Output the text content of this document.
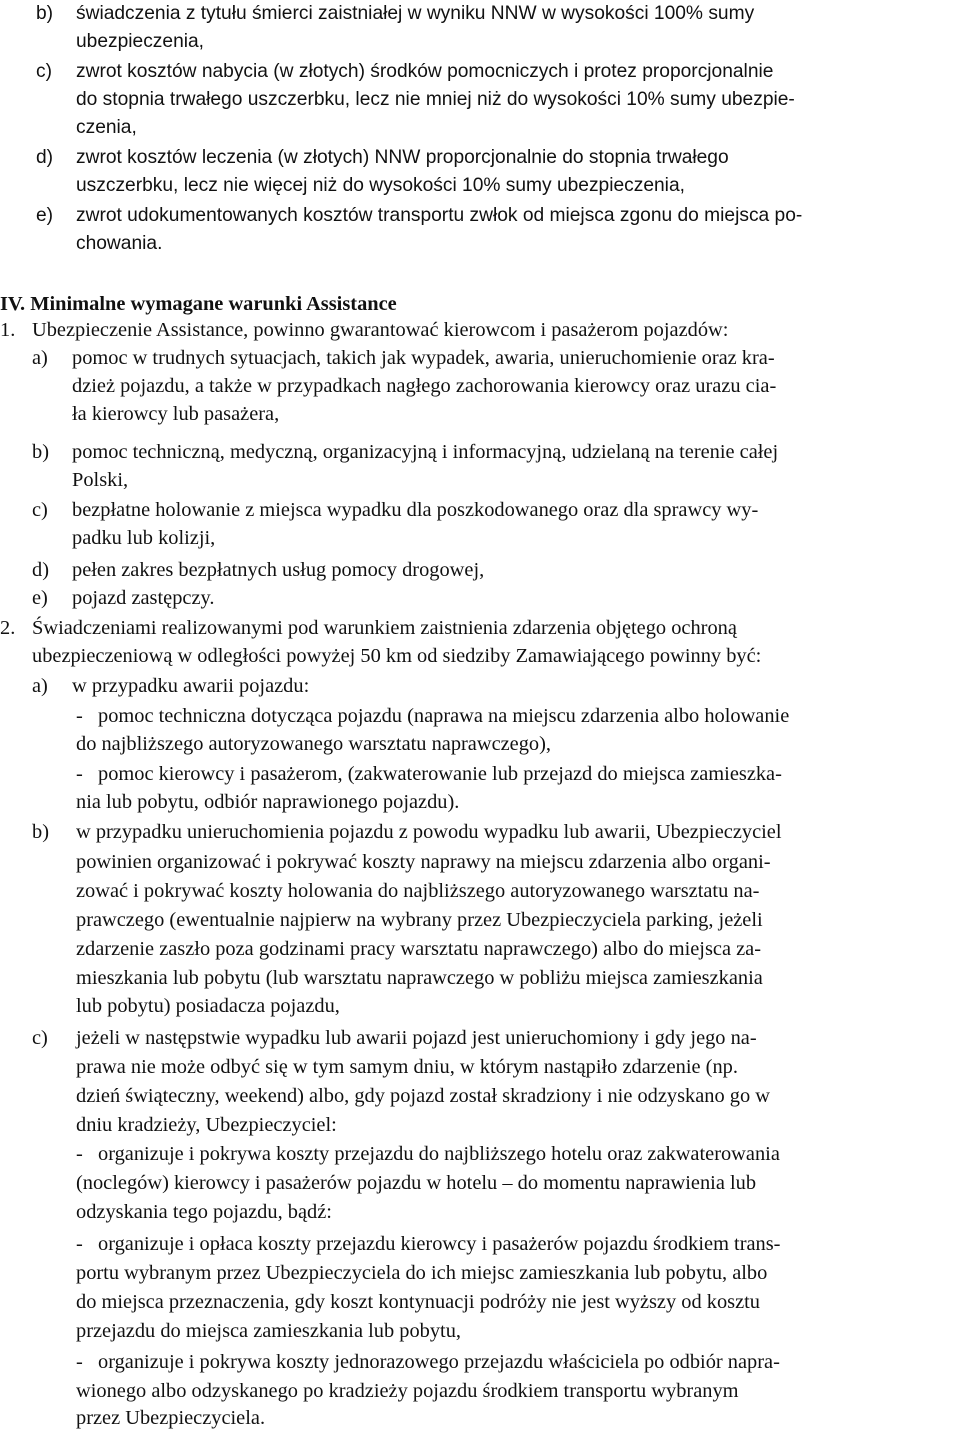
b) świadczenia z tytułu śmierci zaistniałej w wyniku NNW w wysokości 100% sumy
ubezpieczenia,
c) zwrot kosztów nabycia (w złotych) środków pomocniczych i protez proporcjonalnie
do stopnia trwałego uszczerbku, lecz nie mniej niż do wysokości 10% sumy ubezpie-
czenia,
d) zwrot kosztów leczenia (w złotych) NNW proporcjonalnie do stopnia trwałego
uszczerbku, lecz nie więcej niż do wysokości 10% sumy ubezpieczenia,
e) zwrot udokumentowanych kosztów transportu zwłok od miejsca zgonu do miejsca po-
chowania.
IV. Minimalne wymagane warunki Assistance
1. Ubezpieczenie Assistance, powinno gwarantować kierowcom i pasażerom pojazdów:
a) pomoc w trudnych sytuacjach, takich jak wypadek, awaria, unieruchomienie oraz kra-
dzież pojazdu, a także w przypadkach nagłego zachorowania kierowcy oraz urazu cia-
ła kierowcy lub pasażera,
b) pomoc techniczną, medyczną, organizacyjną i informacyjną, udzielaną na terenie całej
Polski,
c) bezpłatne holowanie z miejsca wypadku dla poszkodowanego oraz dla sprawcy wy-
padku lub kolizji,
d) pełen zakres bezpłatnych usług pomocy drogowej,
e) pojazd zastępczy.
2. Świadczeniami realizowanymi pod warunkiem zaistnienia zdarzenia objętego ochroną
ubezpieczeniową w odległości powyżej 50 km od siedziby Zamawiającego powinny być:
a) w przypadku awarii pojazdu:
- pomoc techniczna dotycząca pojazdu (naprawa na miejscu zdarzenia albo holowanie
do najbliższego autoryzowanego warsztatu naprawczego),
- pomoc kierowcy i pasażerom, (zakwaterowanie lub przejazd do miejsca zamieszka-
nia lub pobytu, odbiór naprawionego pojazdu).
b) w przypadku unieruchomienia pojazdu z powodu wypadku lub awarii, Ubezpieczyciel
powinien organizować i pokrywać koszty naprawy na miejscu zdarzenia albo organi-
zować i pokrywać koszty holowania do najbliższego autoryzowanego warsztatu na-
prawczego (ewentualnie najpierw na wybrany przez Ubezpieczyciela parking, jeżeli
zdarzenie zaszło poza godzinami pracy warsztatu naprawczego) albo do miejsca za-
mieszkania lub pobytu (lub warsztatu naprawczego w pobliżu miejsca zamieszkania
lub pobytu) posiadacza pojazdu,
c) jeżeli w następstwie wypadku lub awarii pojazd jest unieruchomiony i gdy jego na-
prawa nie może odbyć się w tym samym dniu, w którym nastąpiło zdarzenie (np.
dzień świąteczny, weekend) albo, gdy pojazd został skradziony i nie odzyskano go w
dniu kradzieży, Ubezpieczyciel:
- organizuje i pokrywa koszty przejazdu do najbliższego hotelu oraz zakwaterowania
(noclegów) kierowcy i pasażerów pojazdu w hotelu – do momentu naprawienia lub
odzyskania tego pojazdu, bądź:
- organizuje i opłaca koszty przejazdu kierowcy i pasażerów pojazdu środkiem trans-
portu wybranym przez Ubezpieczyciela do ich miejsc zamieszkania lub pobytu, albo
do miejsca przeznaczenia, gdy koszt kontynuacji podróży nie jest wyższy od kosztu
przejazdu do miejsca zamieszkania lub pobytu,
- organizuje i pokrywa koszty jednorazowego przejazdu właściciela po odbiór napra-
wionego albo odzyskanego po kradzieży pojazdu środkiem transportu wybranym
przez Ubezpieczyciela.
